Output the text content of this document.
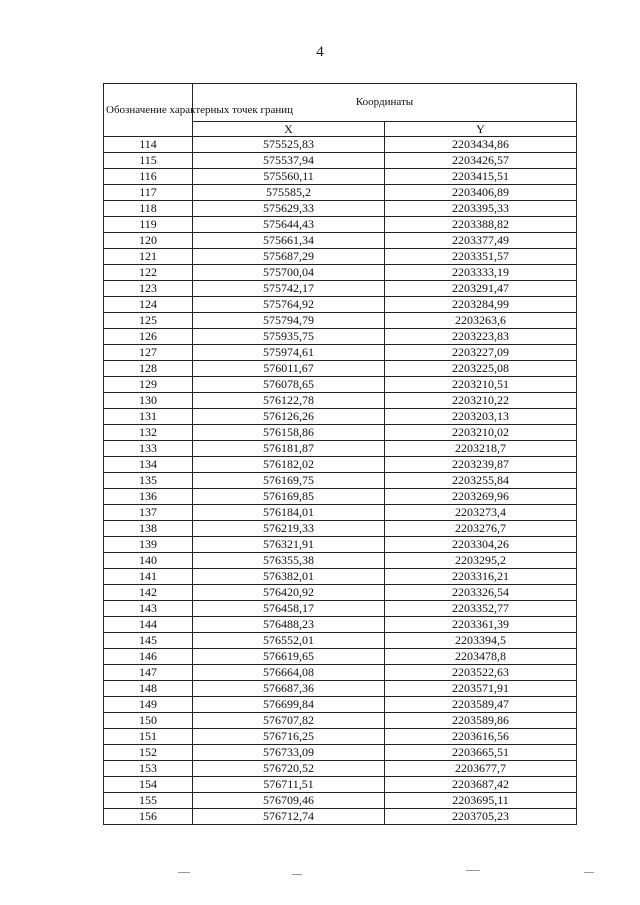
4
Обозначение характерных точек границ	Координаты	
	X	Y
114	575525,83	2203434,86
115	575537,94	2203426,57
116	575560,11	2203415,51
117	575585,2	2203406,89
118	575629,33	2203395,33
119	575644,43	2203388,82
120	575661,34	2203377,49
121	575687,29	2203351,57
122	575700,04	2203333,19
123	575742,17	2203291,47
124	575764,92	2203284,99
125	575794,79	2203263,6
126	575935,75	2203223,83
127	575974,61	2203227,09
128	576011,67	2203225,08
129	576078,65	2203210,51
130	576122,78	2203210,22
131	576126,26	2203203,13
132	576158,86	2203210,02
133	576181,87	2203218,7
134	576182,02	2203239,87
135	576169,75	2203255,84
136	576169,85	2203269,96
137	576184,01	2203273,4
138	576219,33	2203276,7
139	576321,91	2203304,26
140	576355,38	2203295,2
141	576382,01	2203316,21
142	576420,92	2203326,54
143	576458,17	2203352,77
144	576488,23	2203361,39
145	576552,01	2203394,5
146	576619,65	2203478,8
147	576664,08	2203522,63
148	576687,36	2203571,91
149	576699,84	2203589,47
150	576707,82	2203589,86
151	576716,25	2203616,56
152	576733,09	2203665,51
153	576720,52	2203677,7
154	576711,51	2203687,42
155	576709,46	2203695,11
156	576712,74	2203705,23
